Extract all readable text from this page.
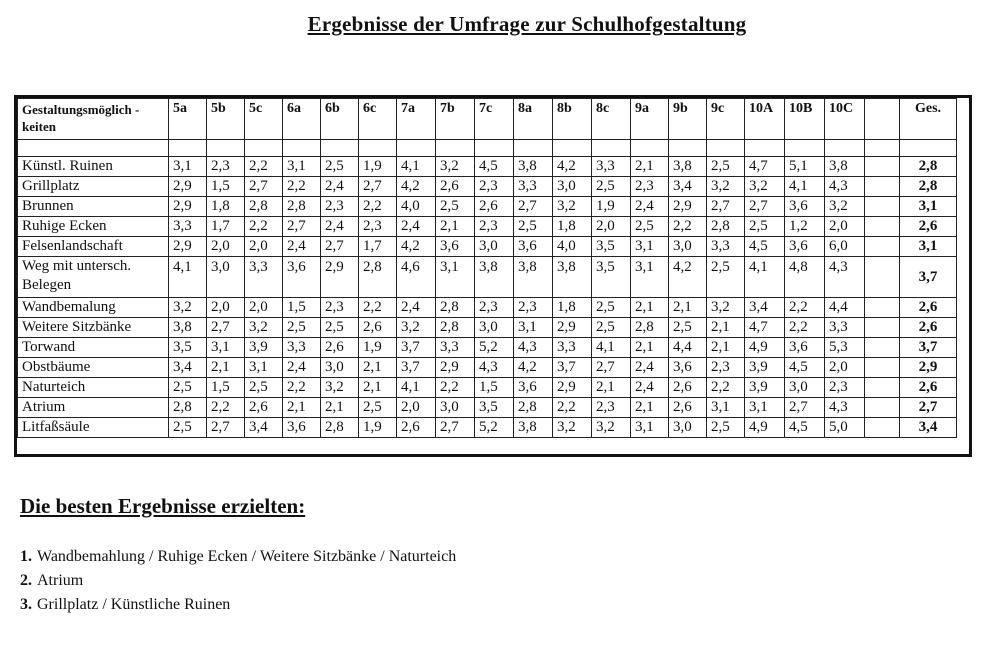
Ergebnisse der Umfrage zur Schulhofgestaltung
Gestaltungsmöglich -keiten	5a	5b	5c	6a	6b	6c	7a	7b	7c	8a	8b	8c	9a	9b	9c	10A	10B	10C		Ges.

Künstl. Ruinen	3,1	2,3	2,2	3,1	2,5	1,9	4,1	3,2	4,5	3,8	4,2	3,3	2,1	3,8	2,5	4,7	5,1	3,8		2,8
Grillplatz	2,9	1,5	2,7	2,2	2,4	2,7	4,2	2,6	2,3	3,3	3,0	2,5	2,3	3,4	3,2	3,2	4,1	4,3		2,8
Brunnen	2,9	1,8	2,8	2,8	2,3	2,2	4,0	2,5	2,6	2,7	3,2	1,9	2,4	2,9	2,7	2,7	3,6	3,2		3,1
Ruhige Ecken	3,3	1,7	2,2	2,7	2,4	2,3	2,4	2,1	2,3	2,5	1,8	2,0	2,5	2,2	2,8	2,5	1,2	2,0		2,6
Felsenlandschaft	2,9	2,0	2,0	2,4	2,7	1,7	4,2	3,6	3,0	3,6	4,0	3,5	3,1	3,0	3,3	4,5	3,6	6,0		3,1
Weg mit untersch. Belegen	4,1	3,0	3,3	3,6	2,9	2,8	4,6	3,1	3,8	3,8	3,8	3,5	3,1	4,2	2,5	4,1	4,8	4,3		3,7
Wandbemalung	3,2	2,0	2,0	1,5	2,3	2,2	2,4	2,8	2,3	2,3	1,8	2,5	2,1	2,1	3,2	3,4	2,2	4,4		2,6
Weitere Sitzbänke	3,8	2,7	3,2	2,5	2,5	2,6	3,2	2,8	3,0	3,1	2,9	2,5	2,8	2,5	2,1	4,7	2,2	3,3		2,6
Torwand	3,5	3,1	3,9	3,3	2,6	1,9	3,7	3,3	5,2	4,3	3,3	4,1	2,1	4,4	2,1	4,9	3,6	5,3		3,7
Obstbäume	3,4	2,1	3,1	2,4	3,0	2,1	3,7	2,9	4,3	4,2	3,7	2,7	2,4	3,6	2,3	3,9	4,5	2,0		2,9
Naturteich	2,5	1,5	2,5	2,2	3,2	2,1	4,1	2,2	1,5	3,6	2,9	2,1	2,4	2,6	2,2	3,9	3,0	2,3		2,6
Atrium	2,8	2,2	2,6	2,1	2,1	2,5	2,0	3,0	3,5	2,8	2,2	2,3	2,1	2,6	3,1	3,1	2,7	4,3		2,7
Litfaßsäule	2,5	2,7	3,4	3,6	2,8	1,9	2,6	2,7	5,2	3,8	3,2	3,2	3,1	3,0	2,5	4,9	4,5	5,0		3,4
Die besten Ergebnisse erzielten:
1. Wandbemahlung / Ruhige Ecken / Weitere Sitzbänke / Naturteich
2. Atrium
3. Grillplatz / Künstliche Ruinen
